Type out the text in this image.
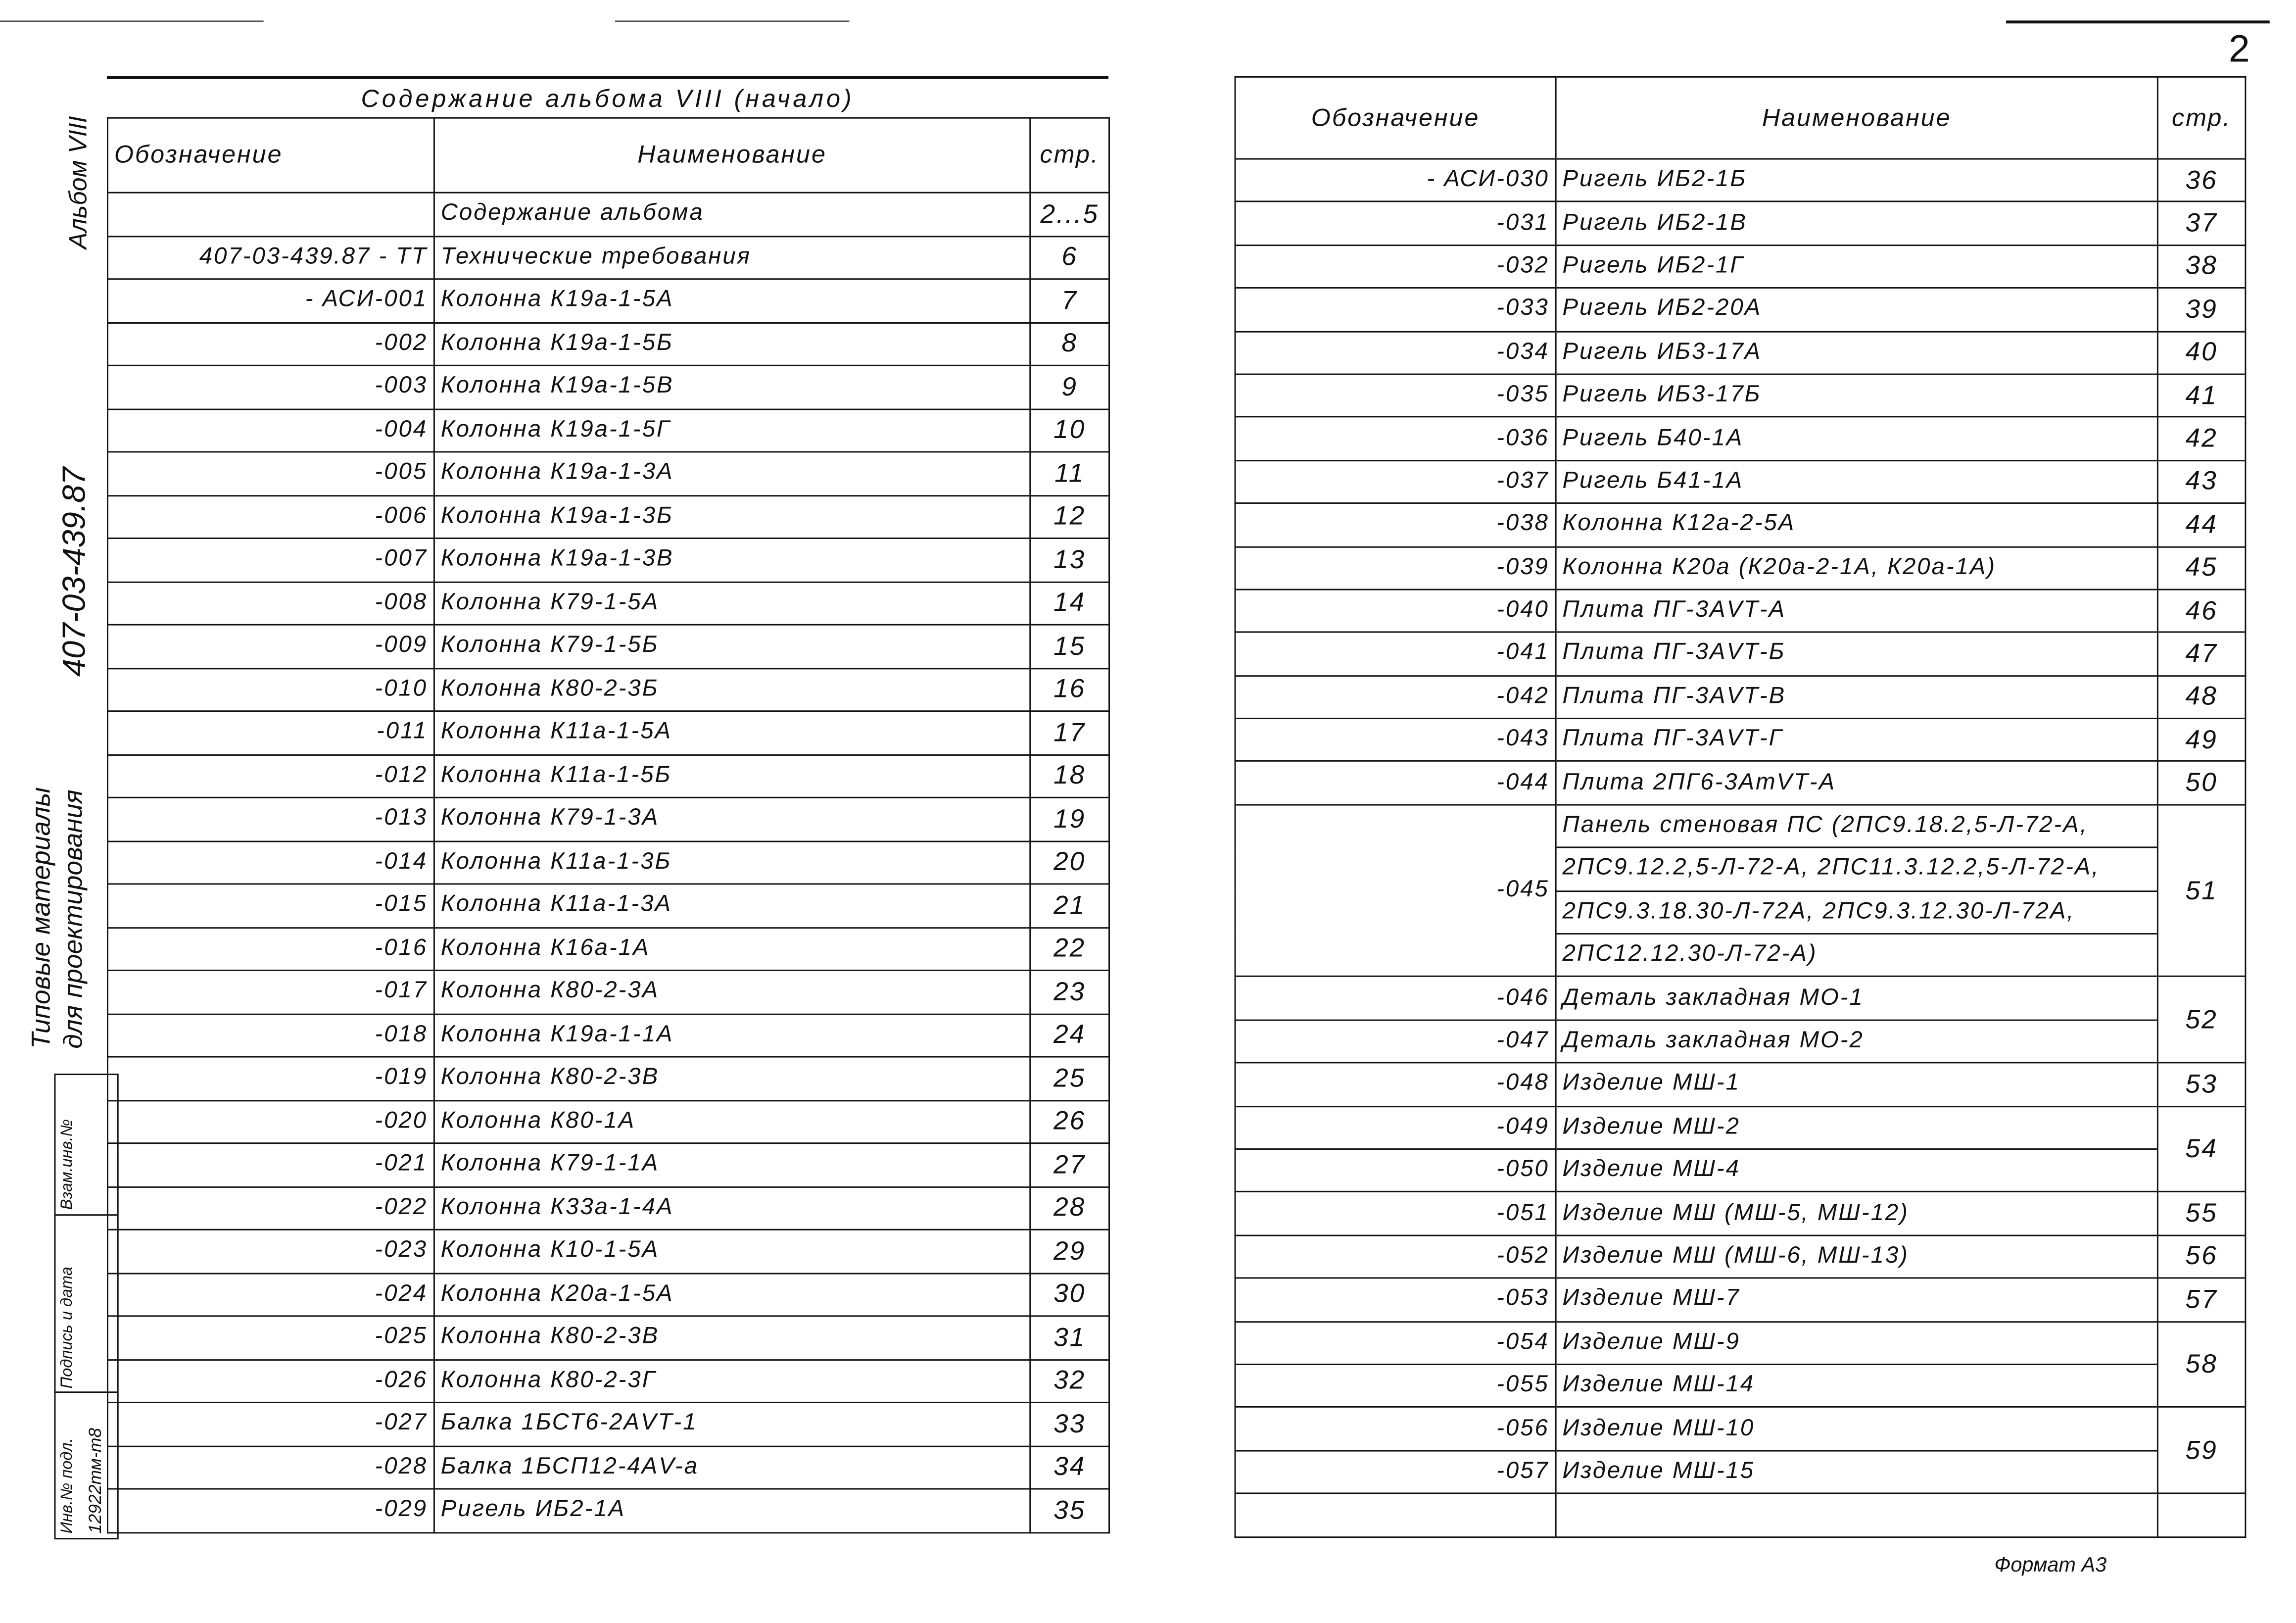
2
Альбом VIII
407-03-439.87
Типовые материалы для проектирования
Взам.инв.№
Подпись и дата
Инв.№ подл. 12922тм-т8
Содержание альбома VIII (начало)
Обозначение	Наименование	стр.
	Содержание альбома	2...5
407-03-439.87 - ТТ	Технические требования	6
- АСИ-001	Колонна К19а-1-5А	7
-002	Колонна К19а-1-5Б	8
-003	Колонна К19а-1-5В	9
-004	Колонна К19а-1-5Г	10
-005	Колонна К19а-1-3А	11
-006	Колонна К19а-1-3Б	12
-007	Колонна К19а-1-3В	13
-008	Колонна К79-1-5А	14
-009	Колонна К79-1-5Б	15
-010	Колонна К80-2-3Б	16
-011	Колонна К11а-1-5А	17
-012	Колонна К11а-1-5Б	18
-013	Колонна К79-1-3А	19
-014	Колонна К11а-1-3Б	20
-015	Колонна К11а-1-3А	21
-016	Колонна К16а-1А	22
-017	Колонна К80-2-3А	23
-018	Колонна К19а-1-1А	24
-019	Колонна К80-2-3В	25
-020	Колонна К80-1А	26
-021	Колонна К79-1-1А	27
-022	Колонна К33а-1-4А	28
-023	Колонна К10-1-5А	29
-024	Колонна К20а-1-5А	30
-025	Колонна К80-2-3В	31
-026	Колонна К80-2-3Г	32
-027	Балка 1БСТ6-2АVТ-1	33
-028	Балка 1БСП12-4АV-а	34
-029	Ригель ИБ2-1А	35
Обозначение	Наименование	стр.
- АСИ-030	Ригель ИБ2-1Б	36
-031	Ригель ИБ2-1В	37
-032	Ригель ИБ2-1Г	38
-033	Ригель ИБ2-20А	39
-034	Ригель ИБ3-17А	40
-035	Ригель ИБ3-17Б	41
-036	Ригель Б40-1А	42
-037	Ригель Б41-1А	43
-038	Колонна К12а-2-5А	44
-039	Колонна К20а (К20а-2-1А, К20а-1А)	45
-040	Плита ПГ-3АVТ-А	46
-041	Плита ПГ-3АVТ-Б	47
-042	Плита ПГ-3АVТ-В	48
-043	Плита ПГ-3АVТ-Г	49
-044	Плита 2ПГ6-3АтVТ-А	50
-045	Панель стеновая ПС (2ПС9.18.2,5-Л-72-А,	51
	2ПС9.12.2,5-Л-72-А, 2ПС11.3.12.2,5-Л-72-А,	
	2ПС9.3.18.30-Л-72А, 2ПС9.3.12.30-Л-72А,	
	2ПС12.12.30-Л-72-А)	
-046	Деталь закладная МО-1	52
-047	Деталь закладная МО-2	
-048	Изделие МШ-1	53
-049	Изделие МШ-2	54
-050	Изделие МШ-4	
-051	Изделие МШ (МШ-5, МШ-12)	55
-052	Изделие МШ (МШ-6, МШ-13)	56
-053	Изделие МШ-7	57
-054	Изделие МШ-9	58
-055	Изделие МШ-14	
-056	Изделие МШ-10	59
-057	Изделие МШ-15	

Формат А3
